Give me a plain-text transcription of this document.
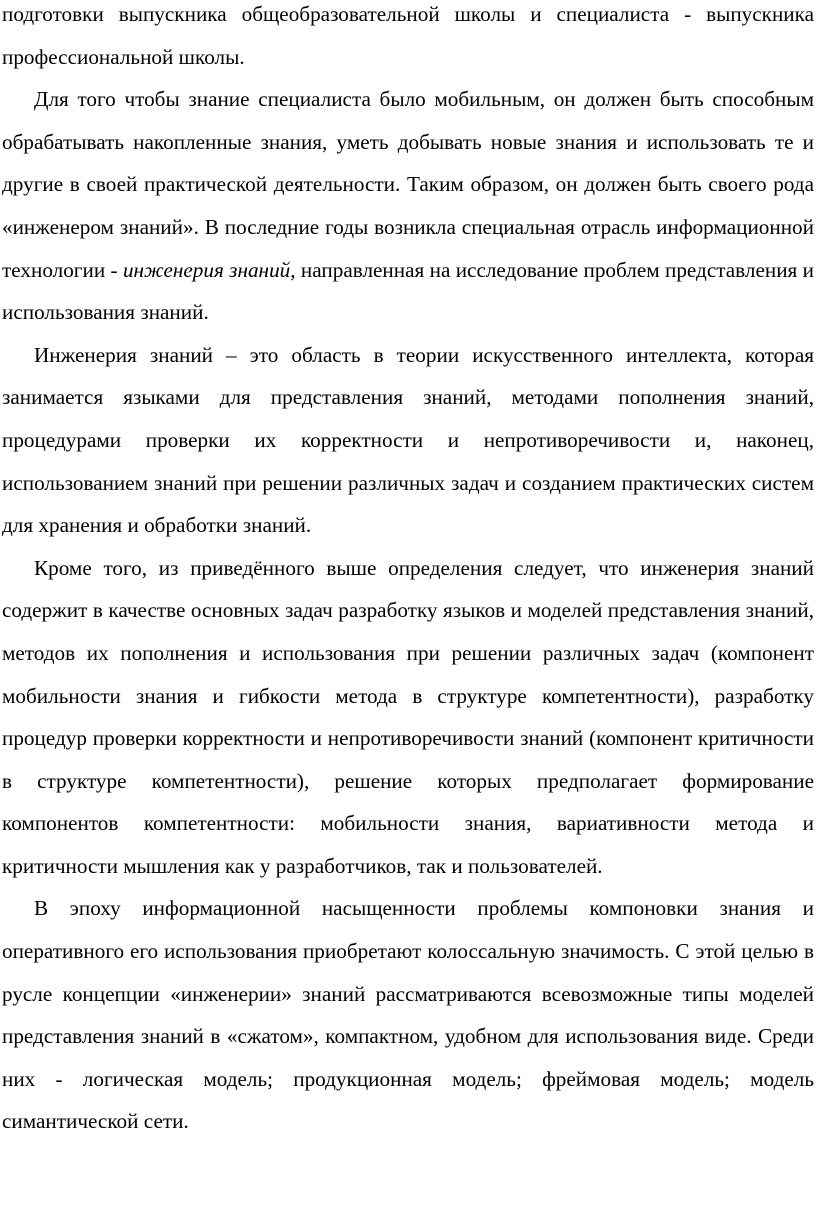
подготовки выпускника общеобразовательной школы и специалиста - выпускника профессиональной школы.

Для того чтобы знание специалиста было мобильным, он должен быть способным обрабатывать накопленные знания, уметь добывать новые знания и использовать те и другие в своей практической деятельности. Таким образом, он должен быть своего рода «инженером знаний». В последние годы возникла специальная отрасль информационной технологии - инженерия знаний, направленная на исследование проблем представления и использования знаний.

Инженерия знаний – это область в теории искусственного интеллекта, которая занимается языками для представления знаний, методами пополнения знаний, процедурами проверки их корректности и непротиворечивости и, наконец, использованием знаний при решении различных задач и созданием практических систем для хранения и обработки знаний.

Кроме того, из приведённого выше определения следует, что инженерия знаний содержит в качестве основных задач разработку языков и моделей представления знаний, методов их пополнения и использования при решении различных задач (компонент мобильности знания и гибкости метода в структуре компетентности), разработку процедур проверки корректности и непротиворечивости знаний (компонент критичности в структуре компетентности), решение которых предполагает формирование компонентов компетентности: мобильности знания, вариативности метода и критичности мышления как у разработчиков, так и пользователей.

В эпоху информационной насыщенности проблемы компоновки знания и оперативного его использования приобретают колоссальную значимость. С этой целью в русле концепции «инженерии» знаний рассматриваются всевозможные типы моделей представления знаний в «сжатом», компактном, удобном для использования виде. Среди них - логическая модель; продукционная модель; фреймовая модель; модель симантической сети.
